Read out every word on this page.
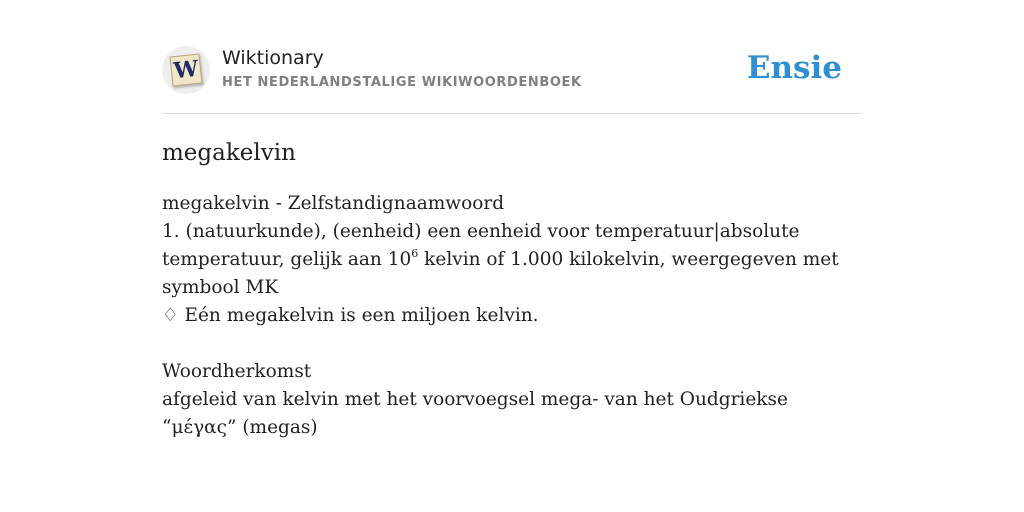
W Wiktionary
HET NEDERLANDSTALIGE WIKIWOORDENBOEK	Ensie
megakelvin

megakelvin - Zelfstandignaamwoord

1. (natuurkunde), (eenheid) een eenheid voor temperatuur|absolute temperatuur, gelijk aan $10^6$ kelvin of 1.000 kilokelvin, weergegeven met symbool MK

♢ Eén megakelvin is een miljoen kelvin.

Woordherkomst

afgeleid van kelvin met het voorvoegsel mega- van het Oudgriekse “μέγας” (megas)
